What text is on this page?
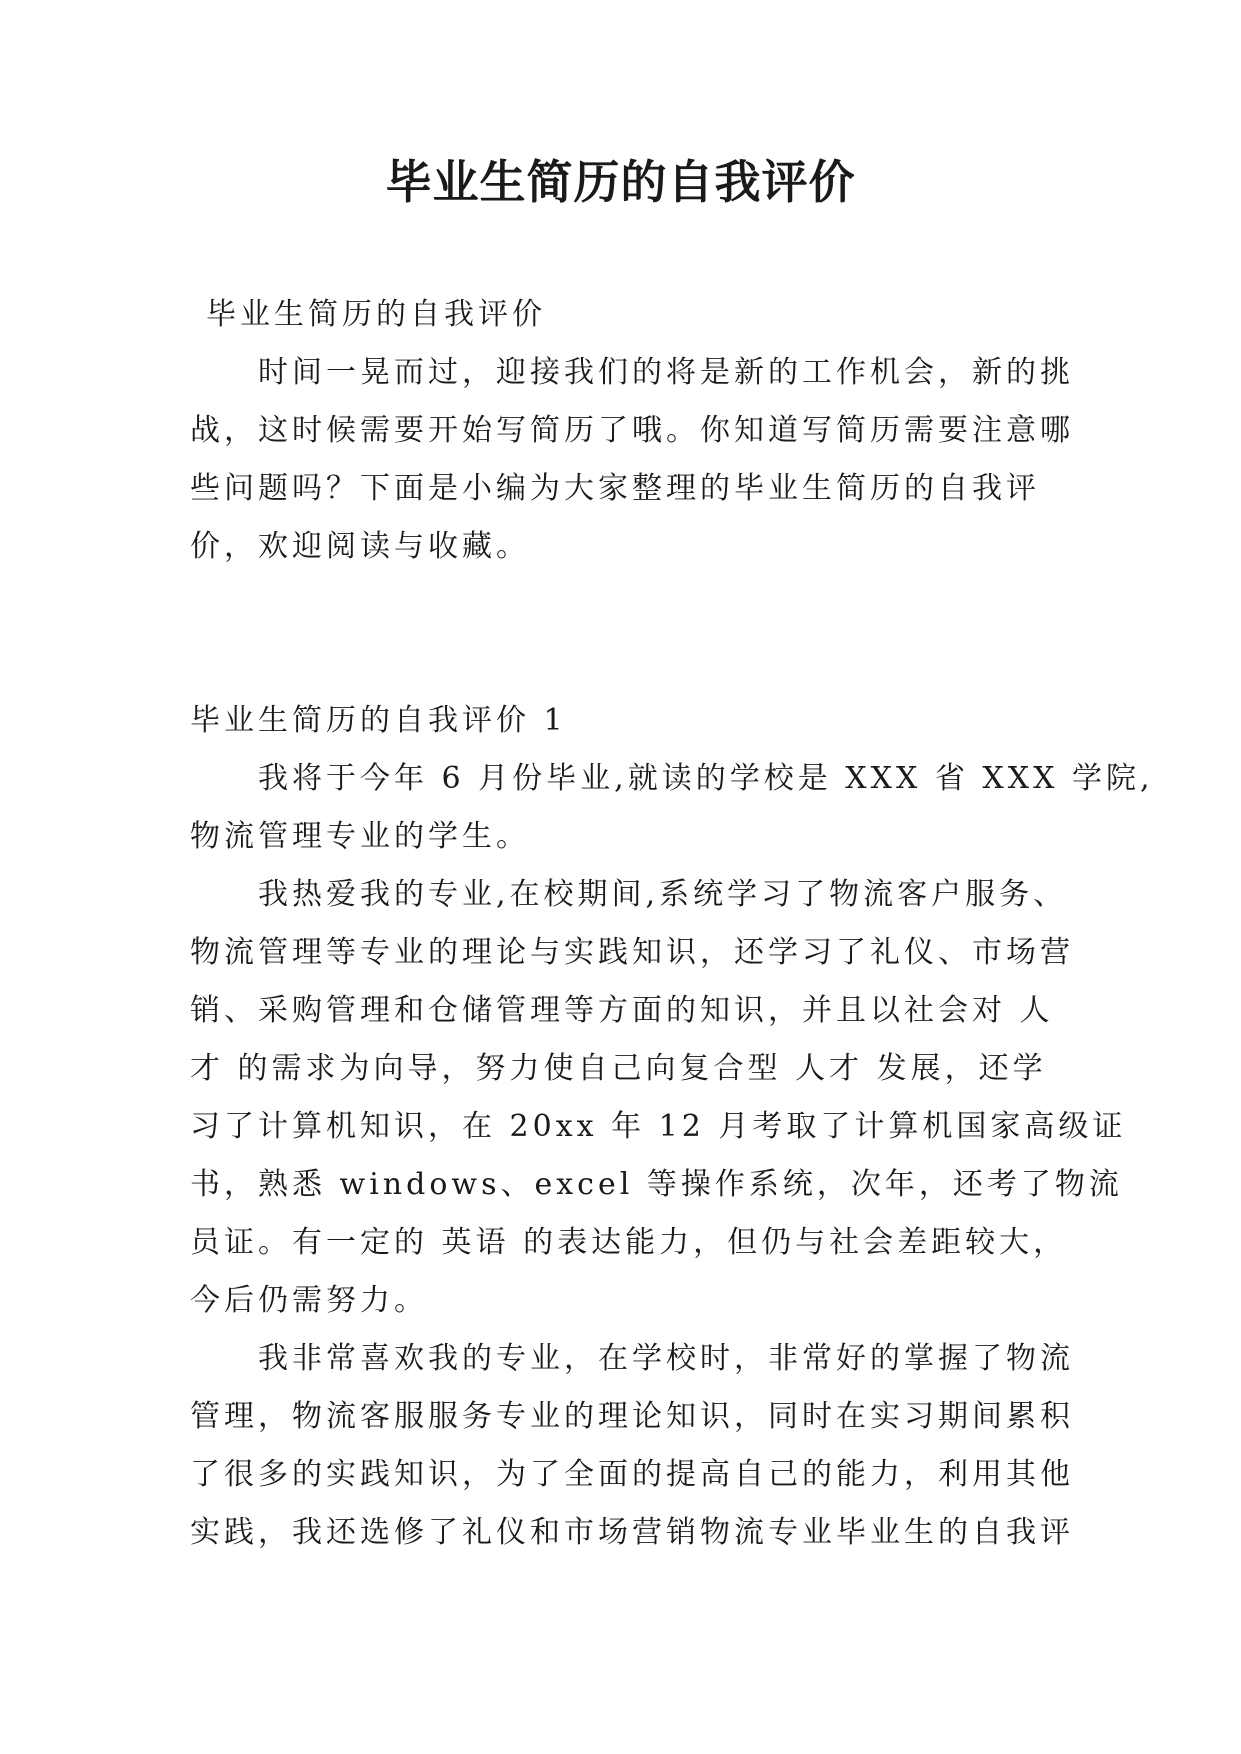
毕业生简历的自我评价
毕业生简历的自我评价
时间一晃而过，迎接我们的将是新的工作机会，新的挑
战，这时候需要开始写简历了哦。你知道写简历需要注意哪
些问题吗？下面是小编为大家整理的毕业生简历的自我评
价，欢迎阅读与收藏。
毕业生简历的自我评价 1
我将于今年 6 月份毕业,就读的学校是 XXX 省 XXX 学院,
物流管理专业的学生。
我热爱我的专业,在校期间,系统学习了物流客户服务、
物流管理等专业的理论与实践知识，还学习了礼仪、市场营
销、采购管理和仓储管理等方面的知识，并且以社会对 人
才 的需求为向导，努力使自己向复合型 人才 发展，还学
习了计算机知识，在 20xx 年 12 月考取了计算机国家高级证
书，熟悉 windows、excel 等操作系统，次年，还考了物流
员证。有一定的 英语 的表达能力，但仍与社会差距较大，
今后仍需努力。
我非常喜欢我的专业，在学校时，非常好的掌握了物流
管理，物流客服服务专业的理论知识，同时在实习期间累积
了很多的实践知识，为了全面的提高自己的能力，利用其他
实践，我还选修了礼仪和市场营销物流专业毕业生的自我评
